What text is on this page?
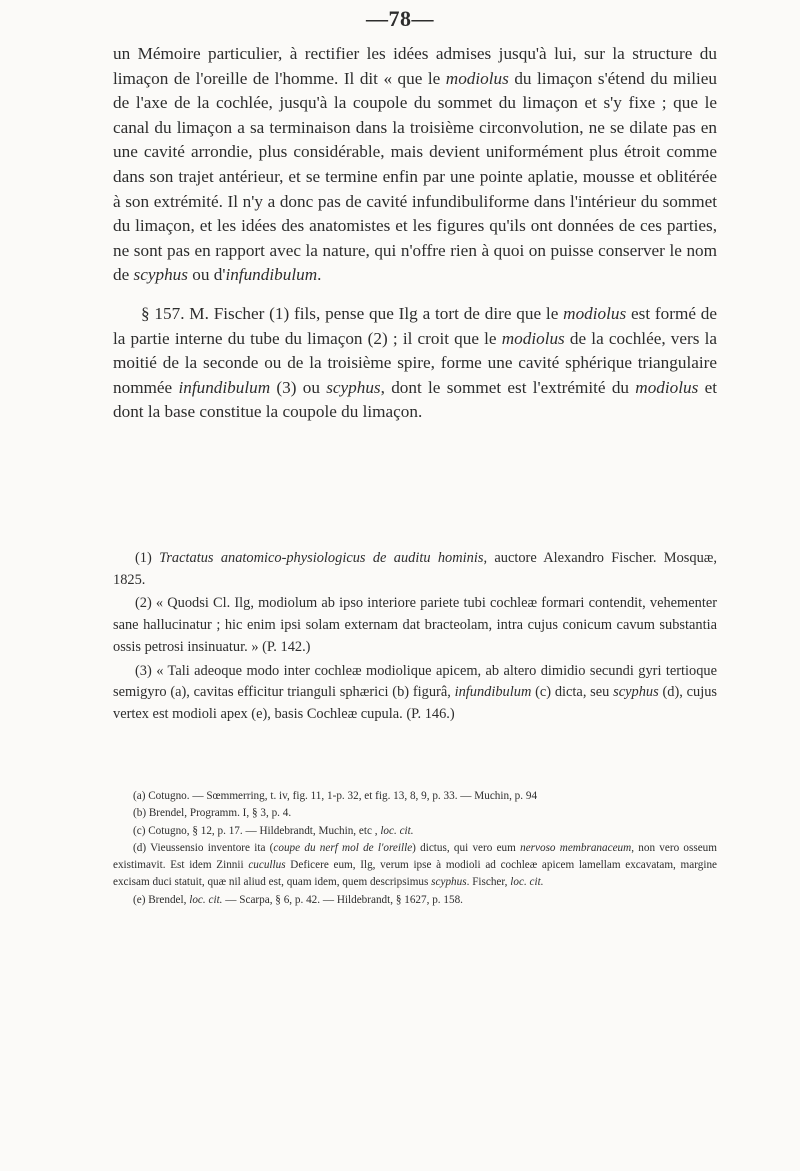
—78—

un Mémoire particulier, à rectifier les idées admises jusqu'à lui, sur la structure du limaçon de l'oreille de l'homme. Il dit « que le modiolus du limaçon s'étend du milieu de l'axe de la cochlée, jusqu'à la coupole du sommet du limaçon et s'y fixe ; que le canal du limaçon a sa terminaison dans la troisième circonvolution, ne se dilate pas en une cavité arrondie, plus considérable, mais devient uniformément plus étroit comme dans son trajet antérieur, et se termine enfin par une pointe aplatie, mousse et oblitérée à son extrémité. Il n'y a donc pas de cavité infundibuliforme dans l'intérieur du sommet du limaçon, et les idées des anatomistes et les figures qu'ils ont données de ces parties, ne sont pas en rapport avec la nature, qui n'offre rien à quoi on puisse conserver le nom de scyphus ou d'infundibulum.

§ 157. M. Fischer (1) fils, pense que Ilg a tort de dire que le modiolus est formé de la partie interne du tube du limaçon (2) ; il croit que le modiolus de la cochlée, vers la moitié de la seconde ou de la troisième spire, forme une cavité sphérique triangulaire nommée infundibulum (3) ou scyphus, dont le sommet est l'extrémité du modiolus et dont la base constitue la coupole du limaçon.

(1) Tractatus anatomico-physiologicus de auditu hominis, auctore Alexandro Fischer. Mosquæ, 1825.

(2) « Quodsi Cl. Ilg, modiolum ab ipso interiore pariete tubi cochleæ formari contendit, vehementer sane hallucinatur ; hic enim ipsi solam externam dat bracteolam, intra cujus conicum cavum substantia ossis petrosi insinuatur. » (P. 142.)

(3) « Tali adeoque modo inter cochleæ modiolique apicem, ab altero dimidio secundi gyri tertioque semigyro (a), cavitas efficitur trianguli sphærici (b) figurâ, infundibulum (c) dicta, seu scyphus (d), cujus vertex est modioli apex (e), basis Cochleæ cupula. (P. 146.)

(a) Cotugno. — Sœmmerring, t. iv, fig. 11, 1-p. 32, et fig. 13, 8, 9, p. 33. — Muchin, p. 94

(b) Brendel, Programm. I, § 3, p. 4.

(c) Cotugno, § 12, p. 17. — Hildebrandt, Muchin, etc , loc. cit.

(d) Vieussensio inventore ita (coupe du nerf mol de l'oreille) dictus, qui vero eum nervoso membranaceum, non vero osseum existimavit. Est idem Zinnii cucullus Deficere eum, Ilg, verum ipse à modioli ad cochleæ apicem lamellam excavatam, margine excisam duci statuit, quæ nil aliud est, quam idem, quem descripsimus scyphus. Fischer, loc. cit.

(e) Brendel, loc. cit. — Scarpa, § 6, p. 42. — Hildebrandt, § 1627, p. 158.
